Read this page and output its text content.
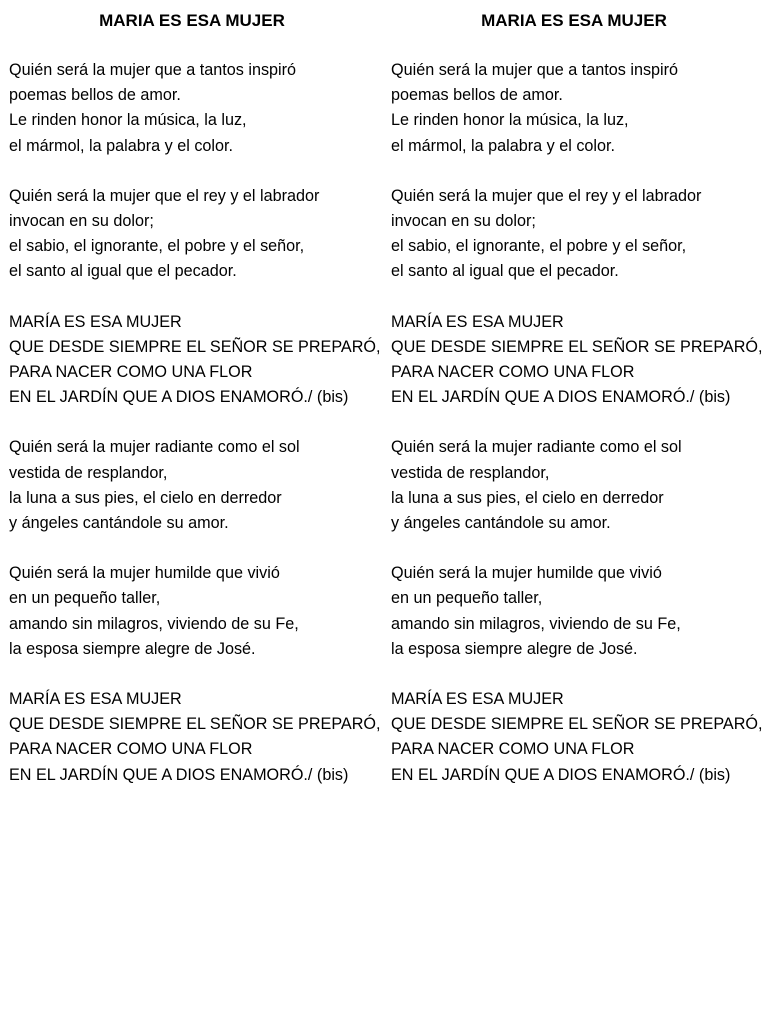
MARIA ES ESA MUJER
Quién será la mujer que a tantos inspiró
poemas bellos de amor.
Le rinden honor la música, la luz,
el mármol, la palabra y el color.
Quién será la mujer que el rey y el labrador
invocan en su dolor;
el sabio, el ignorante, el pobre y el señor,
el santo al igual que el pecador.
MARÍA ES ESA MUJER
QUE DESDE SIEMPRE EL SEÑOR SE PREPARÓ,
PARA NACER COMO UNA FLOR
EN EL JARDÍN QUE A DIOS ENAMORÓ./ (bis)
Quién será la mujer radiante como el sol
vestida de resplandor,
la luna a sus pies, el cielo en derredor
y ángeles cantándole su amor.
Quién será la mujer humilde que vivió
en un pequeño taller,
amando sin milagros, viviendo de su Fe,
la esposa siempre alegre de José.
MARÍA ES ESA MUJER
QUE DESDE SIEMPRE EL SEÑOR SE PREPARÓ,
PARA NACER COMO UNA FLOR
EN EL JARDÍN QUE A DIOS ENAMORÓ./ (bis)
MARIA ES ESA MUJER
Quién será la mujer que a tantos inspiró
poemas bellos de amor.
Le rinden honor la música, la luz,
el mármol, la palabra y el color.
Quién será la mujer que el rey y el labrador
invocan en su dolor;
el sabio, el ignorante, el pobre y el señor,
el santo al igual que el pecador.
MARÍA ES ESA MUJER
QUE DESDE SIEMPRE EL SEÑOR SE PREPARÓ,
PARA NACER COMO UNA FLOR
EN EL JARDÍN QUE A DIOS ENAMORÓ./ (bis)
Quién será la mujer radiante como el sol
vestida de resplandor,
la luna a sus pies, el cielo en derredor
y ángeles cantándole su amor.
Quién será la mujer humilde que vivió
en un pequeño taller,
amando sin milagros, viviendo de su Fe,
la esposa siempre alegre de José.
MARÍA ES ESA MUJER
QUE DESDE SIEMPRE EL SEÑOR SE PREPARÓ,
PARA NACER COMO UNA FLOR
EN EL JARDÍN QUE A DIOS ENAMORÓ./ (bis)
